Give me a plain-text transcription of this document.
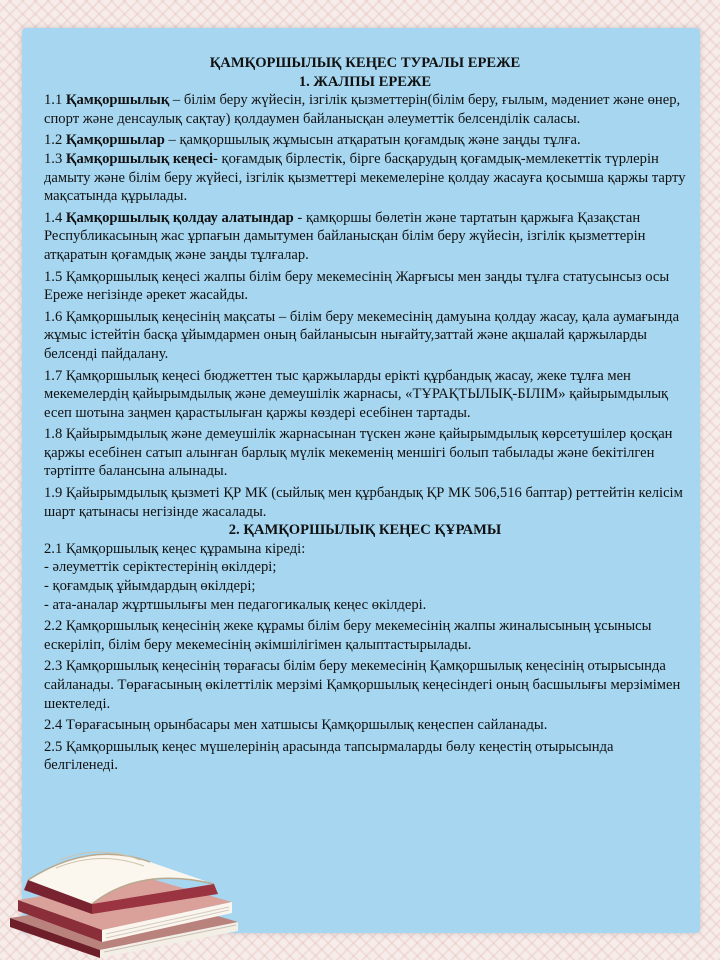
ҚАМҚОРШЫЛЫҚ КЕҢЕС ТУРАЛЫ ЕРЕЖЕ

1. ЖАЛПЫ ЕРЕЖЕ

1.1 Қамқоршылық – білім беру жүйесін, ізгілік қызметтерін(білім беру, ғылым, мәдениет және өнер, спорт және денсаулық сақтау) қолдаумен байланысқан әлеуметтік белсенділік саласы.

1.2 Қамқоршылар – қамқоршылық жұмысын атқаратын қоғамдық және заңды тұлға.

1.3 Қамқоршылық кеңесі- қоғамдық бірлестік, бірге басқарудың қоғамдық-мемлекеттік түрлерін дамыту және білім беру жүйесі, ізгілік қызметтері мекемелеріне қолдау жасауға қосымша қаржы тарту мақсатында құрылады.

1.4 Қамқоршылық қолдау алатындар - қамқоршы бөлетін және тартатын қаржыға Қазақстан Республикасының жас ұрпағын дамытумен байланысқан білім беру жүйесін, ізгілік қызметтерін атқаратын қоғамдық және заңды тұлғалар.

1.5 Қамқоршылық кеңесі жалпы білім беру мекемесінің Жарғысы мен заңды тұлға статусынсыз осы Ереже негізінде әрекет жасайды.

1.6 Қамқоршылық кеңесінің мақсаты – білім беру мекемесінің дамуына қолдау жасау, қала аумағында жұмыс істейтін басқа ұйымдармен оның байланысын нығайту,заттай және ақшалай қаржыларды белсенді пайдалану.

1.7 Қамқоршылық кеңесі бюджеттен тыс қаржыларды ерікті құрбандық жасау, жеке тұлға мен мекемелердің қайырымдылық және демеушілік жарнасы, «ТҰРАҚТЫЛЫҚ-БІЛІМ» қайырымдылық есеп шотына заңмен қарастылыған қаржы көздері есебінен тартады.

1.8 Қайырымдылық және демеушілік жарнасынан түскен және қайырымдылық көрсетушілер қосқан қаржы есебінен сатып алынған барлық мүлік мекеменің меншігі болып табылады және бекітілген тәртіпте балансына алынады.

1.9 Қайырымдылық қызметі ҚР МК (сыйлық мен құрбандық ҚР МК 506,516 баптар) реттейтін келісім шарт қатынасы негізінде жасалады.

2. ҚАМҚОРШЫЛЫҚ КЕҢЕС ҚҰРАМЫ

2.1 Қамқоршылық кеңес құрамына кіреді:

- әлеуметтік серіктестерінің өкілдері;

- қоғамдық ұйымдардың өкілдері;

- ата-аналар жұртшылығы мен педагогикалық кеңес өкілдері.

2.2 Қамқоршылық кеңесінің жеке құрамы білім беру мекемесінің жалпы жиналысының ұсынысы ескеріліп, білім беру мекемесінің әкімшілігімен қалыптастырылады.

2.3 Қамқоршылық кеңесінің төрағасы білім беру мекемесінің Қамқоршылық кеңесінің отырысында сайланады. Төрағасының өкілеттілік мерзімі Қамқоршылық кеңесіндегі оның басшылығы мерзімімен шектеледі.

2.4 Төрағасының орынбасары мен хатшысы Қамқоршылық кеңеспен сайланады.

2.5 Қамқоршылық кеңес мүшелерінің арасында тапсырмаларды бөлу кеңестің отырысында белгіленеді.
